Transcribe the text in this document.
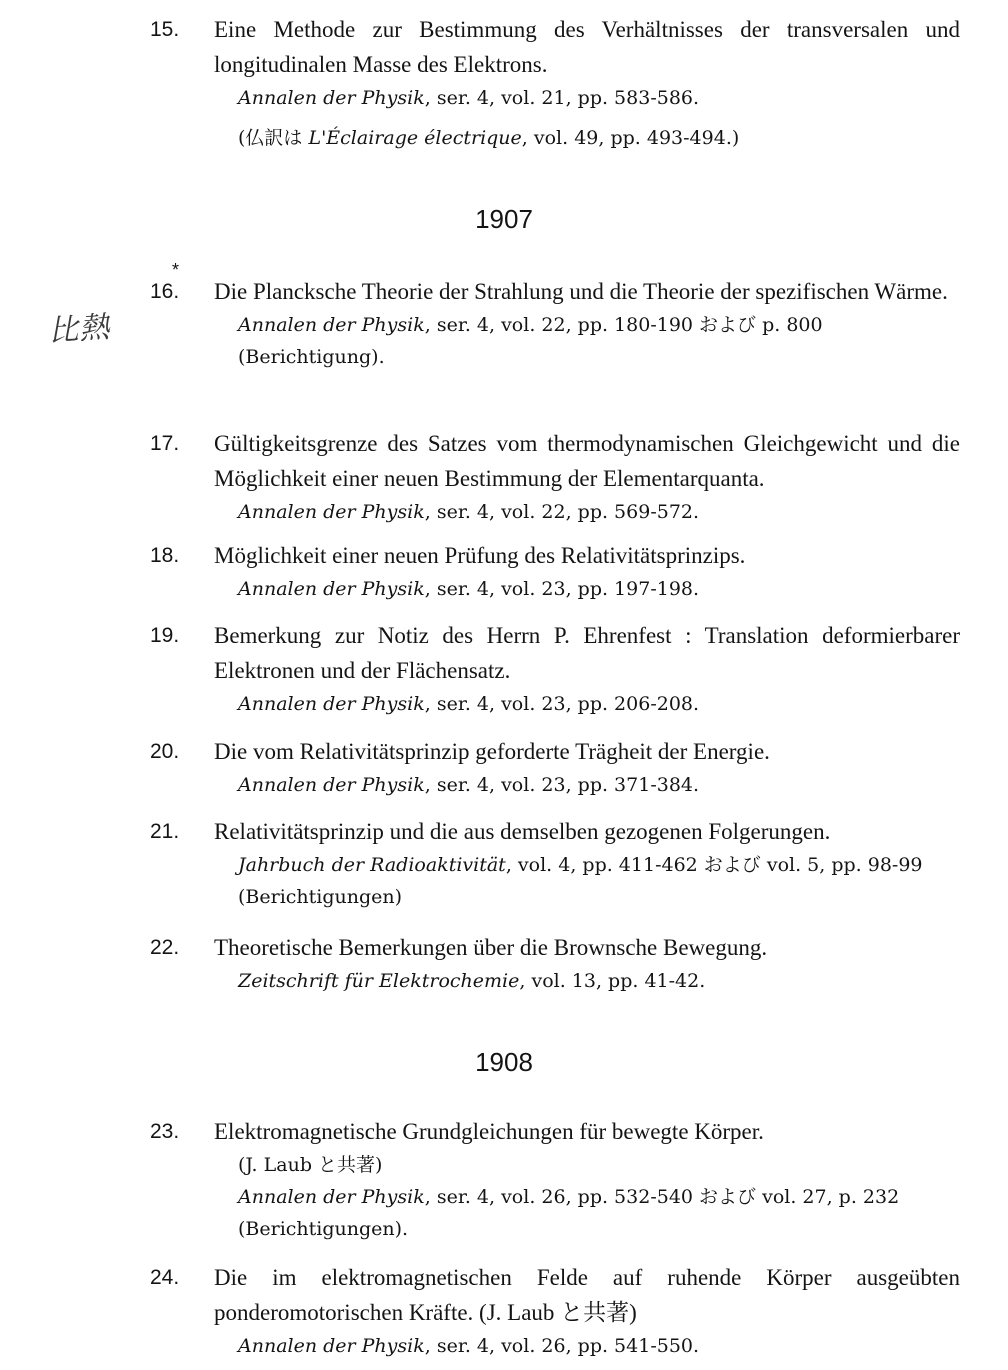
比熱
15.	Eine Methode zur Bestimmung des Verhältnisses der transversalen und longitudinalen Masse des Elektrons.
Annalen der Physik, ser. 4, vol. 21, pp. 583-586.
(仏訳は L'Éclairage électrique, vol. 49, pp. 493-494.)
1907
*
16.	Die Plancksche Theorie der Strahlung und die Theorie der spezifischen Wärme.
Annalen der Physik, ser. 4, vol. 22, pp. 180-190 および p. 800 (Berichtigung).
17.	Gültigkeitsgrenze des Satzes vom thermodynamischen Gleichgewicht und die Möglichkeit einer neuen Bestimmung der Elementarquanta.
Annalen der Physik, ser. 4, vol. 22, pp. 569-572.
18.	Möglichkeit einer neuen Prüfung des Relativitätsprinzips.
Annalen der Physik, ser. 4, vol. 23, pp. 197-198.
19.	Bemerkung zur Notiz des Herrn P. Ehrenfest : Translation deformierbarer Elektronen und der Flächensatz.
Annalen der Physik, ser. 4, vol. 23, pp. 206-208.
20.	Die vom Relativitätsprinzip geforderte Trägheit der Energie.
Annalen der Physik, ser. 4, vol. 23, pp. 371-384.
21.	Relativitätsprinzip und die aus demselben gezogenen Folgerungen.
Jahrbuch der Radioaktivität, vol. 4, pp. 411-462 および vol. 5, pp. 98-99 (Berichtigungen)
22.	Theoretische Bemerkungen über die Brownsche Bewegung.
Zeitschrift für Elektrochemie, vol. 13, pp. 41-42.
1908
23.	Elektromagnetische Grundgleichungen für bewegte Körper.
(J. Laub と共著)
Annalen der Physik, ser. 4, vol. 26, pp. 532-540 および vol. 27, p. 232 (Berichtigungen).
24.	Die im elektromagnetischen Felde auf ruhende Körper ausgeübten ponderomotorischen Kräfte. (J. Laub と共著)
Annalen der Physik, ser. 4, vol. 26, pp. 541-550.
